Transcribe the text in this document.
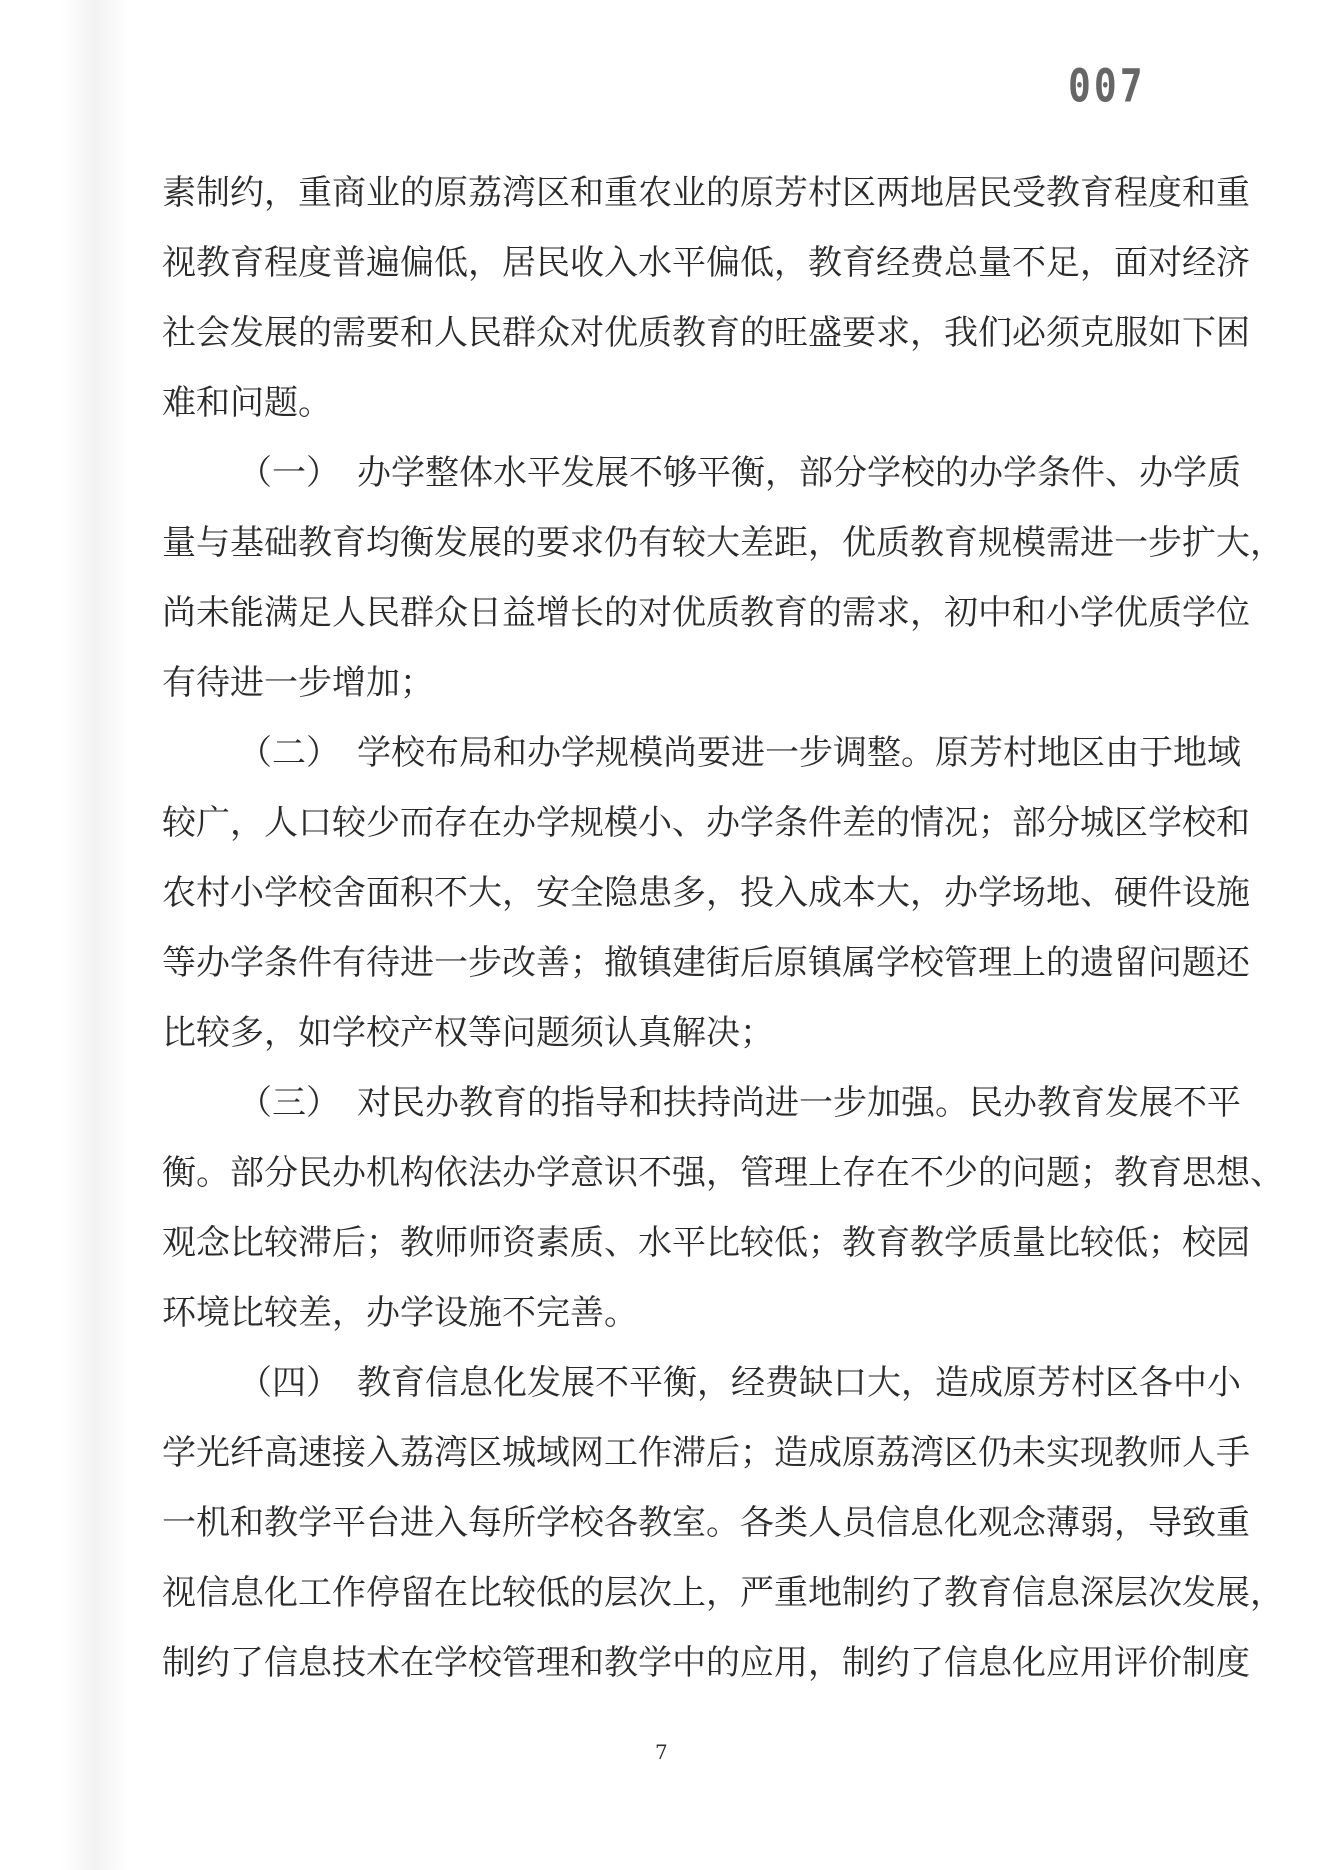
007
素制约，重商业的原荔湾区和重农业的原芳村区两地居民受教育程度和重
视教育程度普遍偏低，居民收入水平偏低，教育经费总量不足，面对经济
社会发展的需要和人民群众对优质教育的旺盛要求，我们必须克服如下困
难和问题。
（一）　办学整体水平发展不够平衡，部分学校的办学条件、办学质
量与基础教育均衡发展的要求仍有较大差距，优质教育规模需进一步扩大，
尚未能满足人民群众日益增长的对优质教育的需求，初中和小学优质学位
有待进一步增加；
（二）　学校布局和办学规模尚要进一步调整。原芳村地区由于地域
较广，人口较少而存在办学规模小、办学条件差的情况；部分城区学校和
农村小学校舍面积不大，安全隐患多，投入成本大，办学场地、硬件设施
等办学条件有待进一步改善；撤镇建街后原镇属学校管理上的遗留问题还
比较多，如学校产权等问题须认真解决；
（三）　对民办教育的指导和扶持尚进一步加强。民办教育发展不平
衡。部分民办机构依法办学意识不强，管理上存在不少的问题；教育思想、
观念比较滞后；教师师资素质、水平比较低；教育教学质量比较低；校园
环境比较差，办学设施不完善。
（四）　教育信息化发展不平衡，经费缺口大，造成原芳村区各中小
学光纤高速接入荔湾区城域网工作滞后；造成原荔湾区仍未实现教师人手
一机和教学平台进入每所学校各教室。各类人员信息化观念薄弱，导致重
视信息化工作停留在比较低的层次上，严重地制约了教育信息深层次发展，
制约了信息技术在学校管理和教学中的应用，制约了信息化应用评价制度
7
